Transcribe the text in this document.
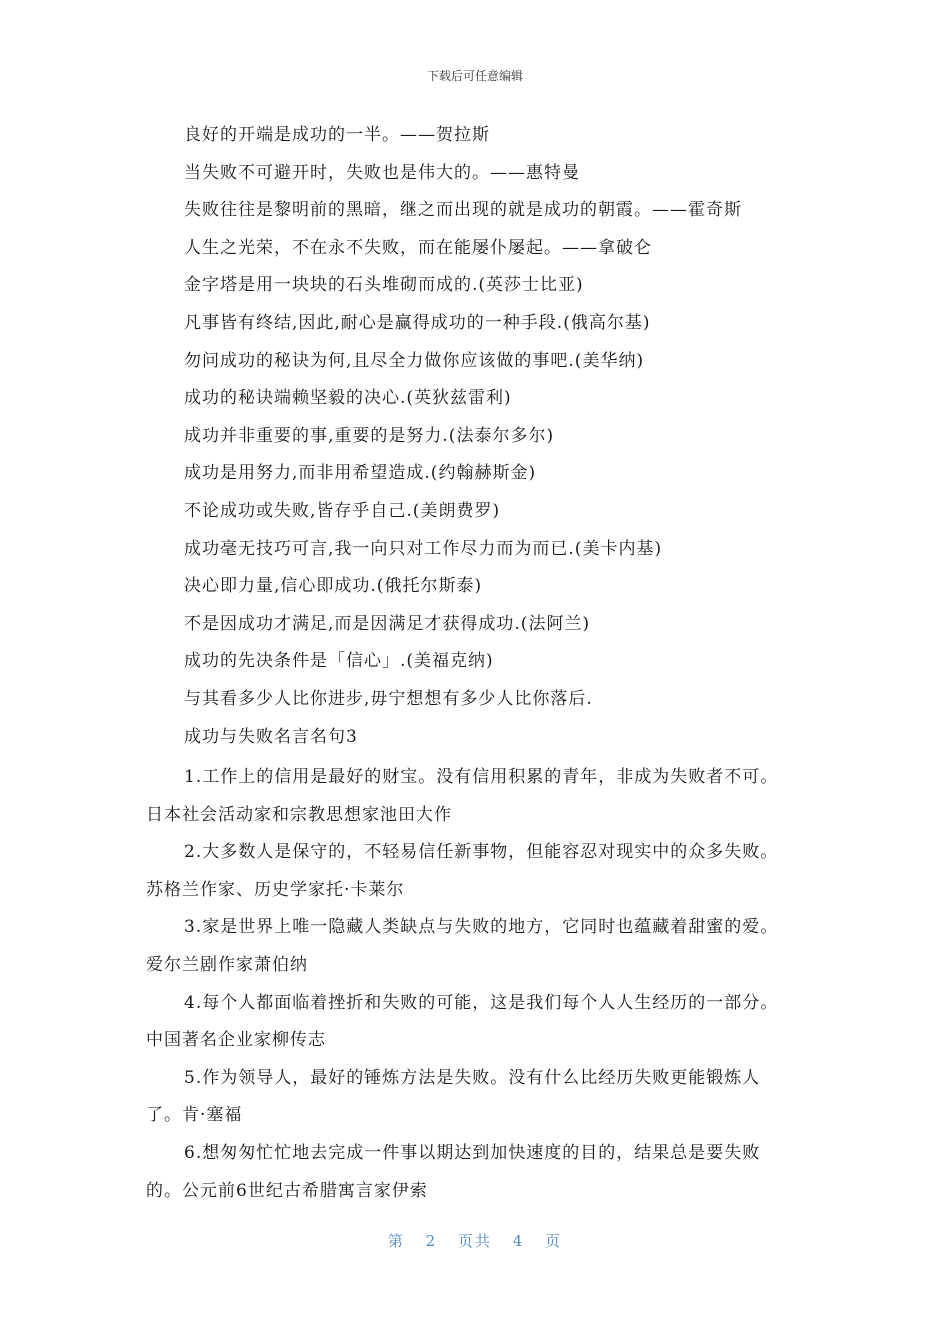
下载后可任意编辑
良好的开端是成功的一半。——贺拉斯
当失败不可避开时，失败也是伟大的。——惠特曼
失败往往是黎明前的黑暗，继之而出现的就是成功的朝霞。——霍奇斯
人生之光荣，不在永不失败，而在能屡仆屡起。——拿破仑
金字塔是用一块块的石头堆砌而成的.(英莎士比亚)
凡事皆有终结,因此,耐心是赢得成功的一种手段.(俄高尔基)
勿问成功的秘诀为何,且尽全力做你应该做的事吧.(美华纳)
成功的秘诀端赖坚毅的决心.(英狄兹雷利)
成功并非重要的事,重要的是努力.(法泰尔多尔)
成功是用努力,而非用希望造成.(约翰赫斯金)
不论成功或失败,皆存乎自己.(美朗费罗)
成功毫无技巧可言,我一向只对工作尽力而为而已.(美卡内基)
决心即力量,信心即成功.(俄托尔斯泰)
不是因成功才满足,而是因满足才获得成功.(法阿兰)
成功的先决条件是「信心」.(美福克纳)
与其看多少人比你进步,毋宁想想有多少人比你落后.
成功与失败名言名句3
1.工作上的信用是最好的财宝。没有信用积累的青年，非成为失败者不可。
日本社会活动家和宗教思想家池田大作
2.大多数人是保守的，不轻易信任新事物，但能容忍对现实中的众多失败。
苏格兰作家、历史学家托·卡莱尔
3.家是世界上唯一隐藏人类缺点与失败的地方，它同时也蕴藏着甜蜜的爱。
爱尔兰剧作家萧伯纳
4.每个人都面临着挫折和失败的可能，这是我们每个人人生经历的一部分。
中国著名企业家柳传志
5.作为领导人，最好的锤炼方法是失败。没有什么比经历失败更能锻炼人
了。肯·塞福
6.想匆匆忙忙地去完成一件事以期达到加快速度的目的，结果总是要失败
的。公元前6世纪古希腊寓言家伊索
第 2 页共 4 页
